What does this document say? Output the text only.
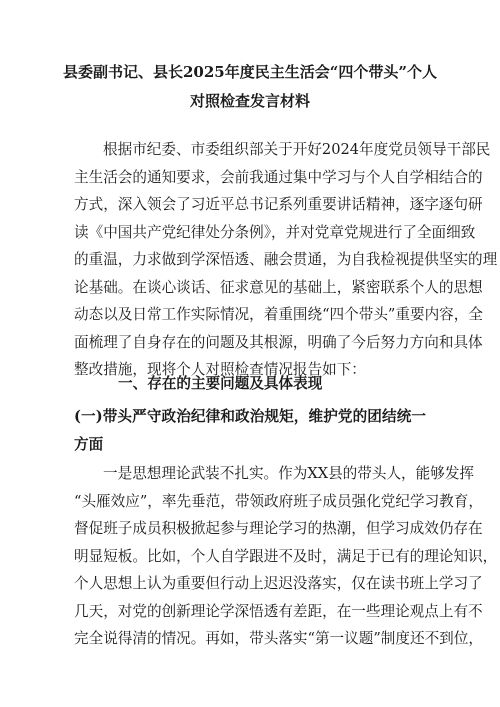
县委副书记、县长2025年度民主生活会“四个带头”个人
对照检查发言材料
根据市纪委、市委组织部关于开好2024年度党员领导干部民
主生活会的通知要求，会前我通过集中学习与个人自学相结合的
方式，深入领会了习近平总书记系列重要讲话精神，逐字逐句研
读《中国共产党纪律处分条例》，并对党章党规进行了全面细致
的重温，力求做到学深悟透、融会贯通，为自我检视提供坚实的理
论基础。在谈心谈话、征求意见的基础上，紧密联系个人的思想
动态以及日常工作实际情况，着重围绕“四个带头”重要内容，全
面梳理了自身存在的问题及其根源，明确了今后努力方向和具体
整改措施，现将个人对照检查情况报告如下：
一、存在的主要问题及具体表现
(一)带头严守政治纪律和政治规矩，维护党的团结统一方面
一是思想理论武装不扎实。作为XX县的带头人，能够发挥
“头雁效应”，率先垂范，带领政府班子成员强化党纪学习教育，
督促班子成员积极掀起参与理论学习的热潮，但学习成效仍存在
明显短板。比如，个人自学跟进不及时，满足于已有的理论知识，
个人思想上认为重要但行动上迟迟没落实，仅在读书班上学习了
几天，对党的创新理论学深悟透有差距，在一些理论观点上有不
完全说得清的情况。再如，带头落实“第一议题”制度还不到位，
